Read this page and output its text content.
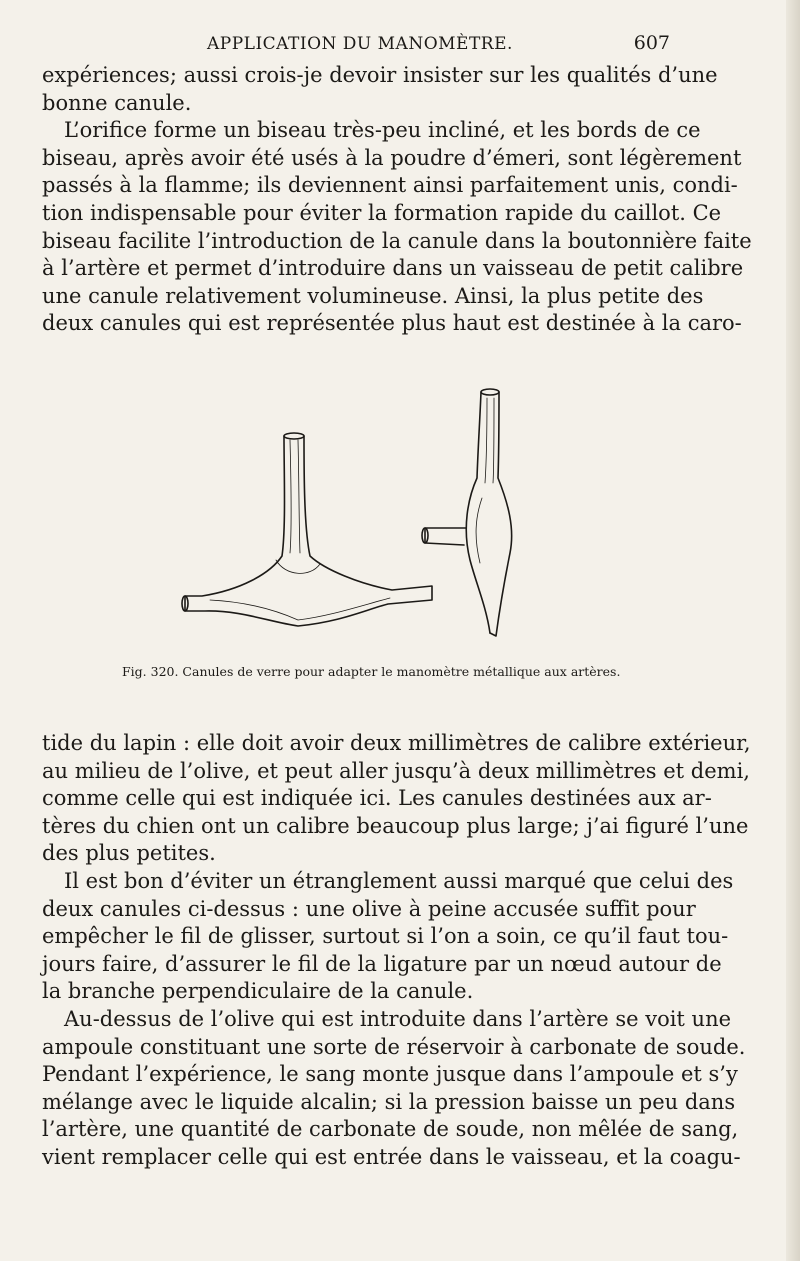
APPLICATION DU MANOMÈTRE.	607
expériences; aussi crois-je devoir insister sur les qualités d’une
bonne canule.
L’orifice forme un biseau très-peu incliné, et les bords de ce
biseau, après avoir été usés à la poudre d’émeri, sont légèrement
passés à la flamme; ils deviennent ainsi parfaitement unis, condi-
tion indispensable pour éviter la formation rapide du caillot. Ce
biseau facilite l’introduction de la canule dans la boutonnière faite
à l’artère et permet d’introduire dans un vaisseau de petit calibre
une canule relativement volumineuse. Ainsi, la plus petite des
deux canules qui est représentée plus haut est destinée à la caro-
Fig. 320. Canules de verre pour adapter le manomètre métallique aux artères.
tide du lapin : elle doit avoir deux millimètres de calibre extérieur,
au milieu de l’olive, et peut aller jusqu’à deux millimètres et demi,
comme celle qui est indiquée ici. Les canules destinées aux ar-
tères du chien ont un calibre beaucoup plus large; j’ai figuré l’une
des plus petites.
Il est bon d’éviter un étranglement aussi marqué que celui des
deux canules ci-dessus : une olive à peine accusée suffit pour
empêcher le fil de glisser, surtout si l’on a soin, ce qu’il faut tou-
jours faire, d’assurer le fil de la ligature par un nœud autour de
la branche perpendiculaire de la canule.
Au-dessus de l’olive qui est introduite dans l’artère se voit une
ampoule constituant une sorte de réservoir à carbonate de soude.
Pendant l’expérience, le sang monte jusque dans l’ampoule et s’y
mélange avec le liquide alcalin; si la pression baisse un peu dans
l’artère, une quantité de carbonate de soude, non mêlée de sang,
vient remplacer celle qui est entrée dans le vaisseau, et la coagu-
